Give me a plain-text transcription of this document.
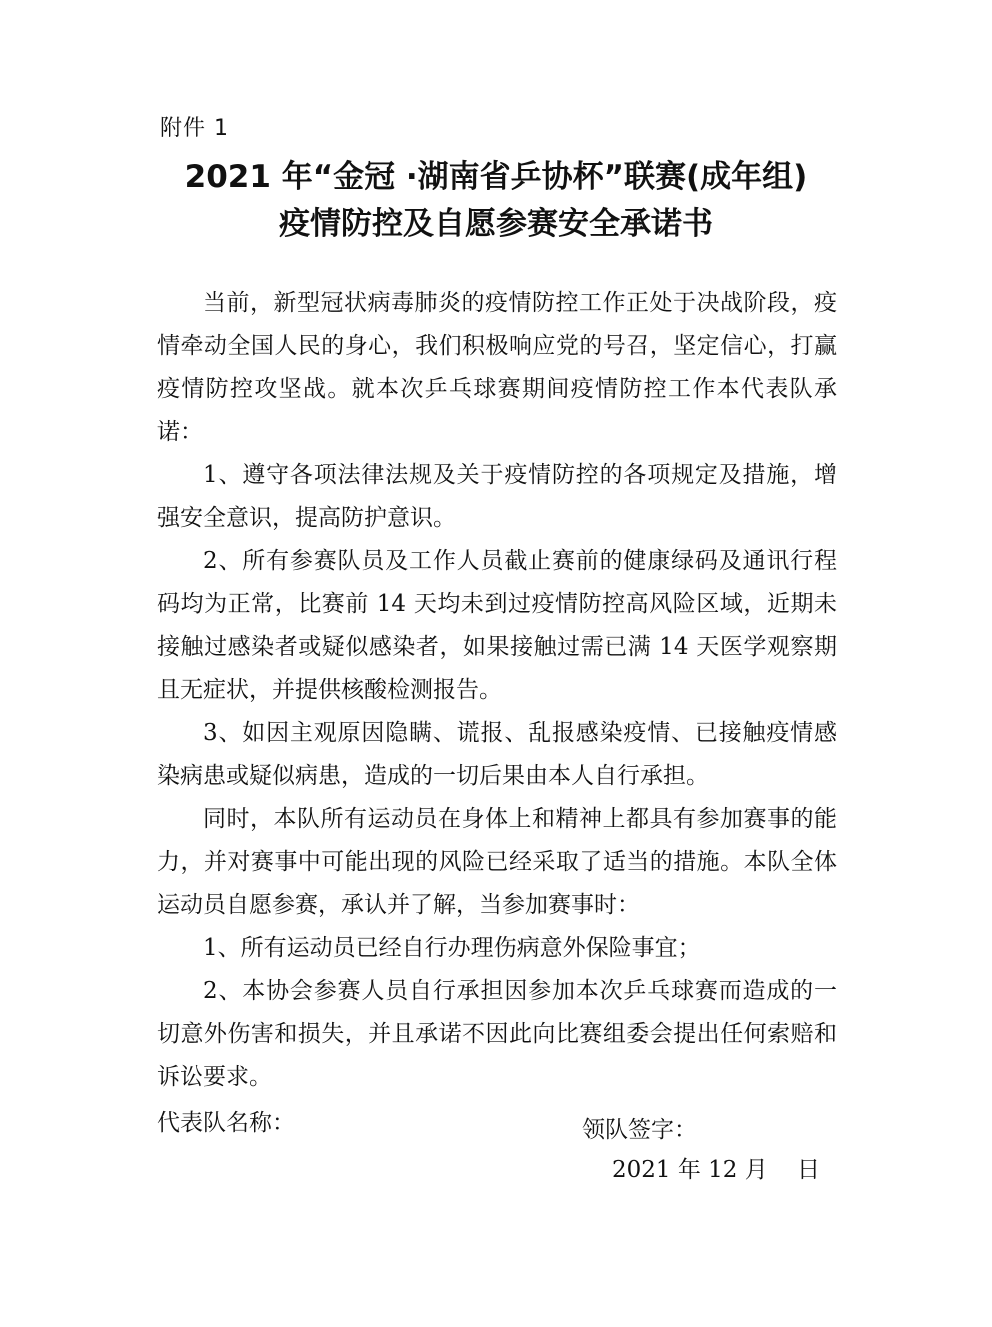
附件 1
2021 年“金冠 ·湖南省乒协杯”联赛(成年组)
疫情防控及自愿参赛安全承诺书

当前，新型冠状病毒肺炎的疫情防控工作正处于决战阶段，疫情牵动全国人民的身心，我们积极响应党的号召，坚定信心，打赢疫情防控攻坚战。就本次乒乓球赛期间疫情防控工作本代表队承诺：

1、遵守各项法律法规及关于疫情防控的各项规定及措施，增强安全意识，提高防护意识。

2、所有参赛队员及工作人员截止赛前的健康绿码及通讯行程码均为正常，比赛前 14 天均未到过疫情防控高风险区域，近期未接触过感染者或疑似感染者，如果接触过需已满 14 天医学观察期且无症状，并提供核酸检测报告。

3、如因主观原因隐瞒、谎报、乱报感染疫情、已接触疫情感染病患或疑似病患，造成的一切后果由本人自行承担。

同时，本队所有运动员在身体上和精神上都具有参加赛事的能力，并对赛事中可能出现的风险已经采取了适当的措施。本队全体运动员自愿参赛，承认并了解，当参加赛事时：

1、所有运动员已经自行办理伤病意外保险事宜；

2、本协会参赛人员自行承担因参加本次乒乓球赛而造成的一切意外伤害和损失，并且承诺不因此向比赛组委会提出任何索赔和诉讼要求。

代表队名称：	领队签字：
2021 年 12 月    日
